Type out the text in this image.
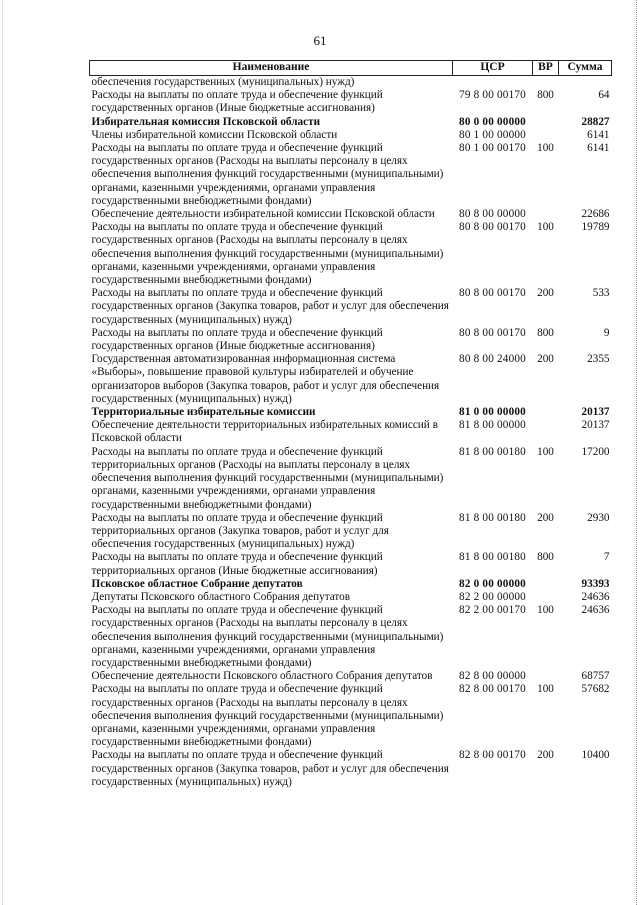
61
Наименование	ЦСР	ВР	Сумма
обеспечения государственных (муниципальных) нужд)			
Расходы на выплаты по оплате труда и обеспечение функций государственных органов (Иные бюджетные ассигнования)	79 8 00 00170	800	64
Избирательная комиссия Псковской области	80 0 00 00000		28827
Члены избирательной комиссии Псковской области	80 1 00 00000		6141
Расходы на выплаты по оплате труда и обеспечение функций государственных органов (Расходы на выплаты персоналу в целях обеспечения выполнения функций государственными (муниципальными) органами, казенными учреждениями, органами управления государственными внебюджетными фондами)	80 1 00 00170	100	6141
Обеспечение деятельности избирательной комиссии Псковской области	80 8 00 00000		22686
Расходы на выплаты по оплате труда и обеспечение функций государственных органов (Расходы на выплаты персоналу в целях обеспечения выполнения функций государственными (муниципальными) органами, казенными учреждениями, органами управления государственными внебюджетными фондами)	80 8 00 00170	100	19789
Расходы на выплаты по оплате труда и обеспечение функций государственных органов (Закупка товаров, работ и услуг для обеспечения государственных (муниципальных) нужд)	80 8 00 00170	200	533
Расходы на выплаты по оплате труда и обеспечение функций государственных органов (Иные бюджетные ассигнования)	80 8 00 00170	800	9
Государственная автоматизированная информационная система «Выборы», повышение правовой культуры избирателей и обучение организаторов выборов (Закупка товаров, работ и услуг для обеспечения государственных (муниципальных) нужд)	80 8 00 24000	200	2355
Территориальные избирательные комиссии	81 0 00 00000		20137
Обеспечение деятельности территориальных избирательных комиссий в Псковской области	81 8 00 00000		20137
Расходы на выплаты по оплате труда и обеспечение функций территориальных органов (Расходы на выплаты персоналу в целях обеспечения выполнения функций государственными (муниципальными) органами, казенными учреждениями, органами управления государственными внебюджетными фондами)	81 8 00 00180	100	17200
Расходы на выплаты по оплате труда и обеспечение функций территориальных органов (Закупка товаров, работ и услуг для обеспечения государственных (муниципальных) нужд)	81 8 00 00180	200	2930
Расходы на выплаты по оплате труда и обеспечение функций территориальных органов (Иные бюджетные ассигнования)	81 8 00 00180	800	7
Псковское областное Собрание депутатов	82 0 00 00000		93393
Депутаты Псковского областного Собрания депутатов	82 2 00 00000		24636
Расходы на выплаты по оплате труда и обеспечение функций государственных органов (Расходы на выплаты персоналу в целях обеспечения выполнения функций государственными (муниципальными) органами, казенными учреждениями, органами управления государственными внебюджетными фондами)	82 2 00 00170	100	24636
Обеспечение деятельности Псковского областного Собрания депутатов	82 8 00 00000		68757
Расходы на выплаты по оплате труда и обеспечение функций государственных органов (Расходы на выплаты персоналу в целях обеспечения выполнения функций государственными (муниципальными) органами, казенными учреждениями, органами управления государственными внебюджетными фондами)	82 8 00 00170	100	57682
Расходы на выплаты по оплате труда и обеспечение функций государственных органов (Закупка товаров, работ и услуг для обеспечения государственных (муниципальных) нужд)	82 8 00 00170	200	10400
